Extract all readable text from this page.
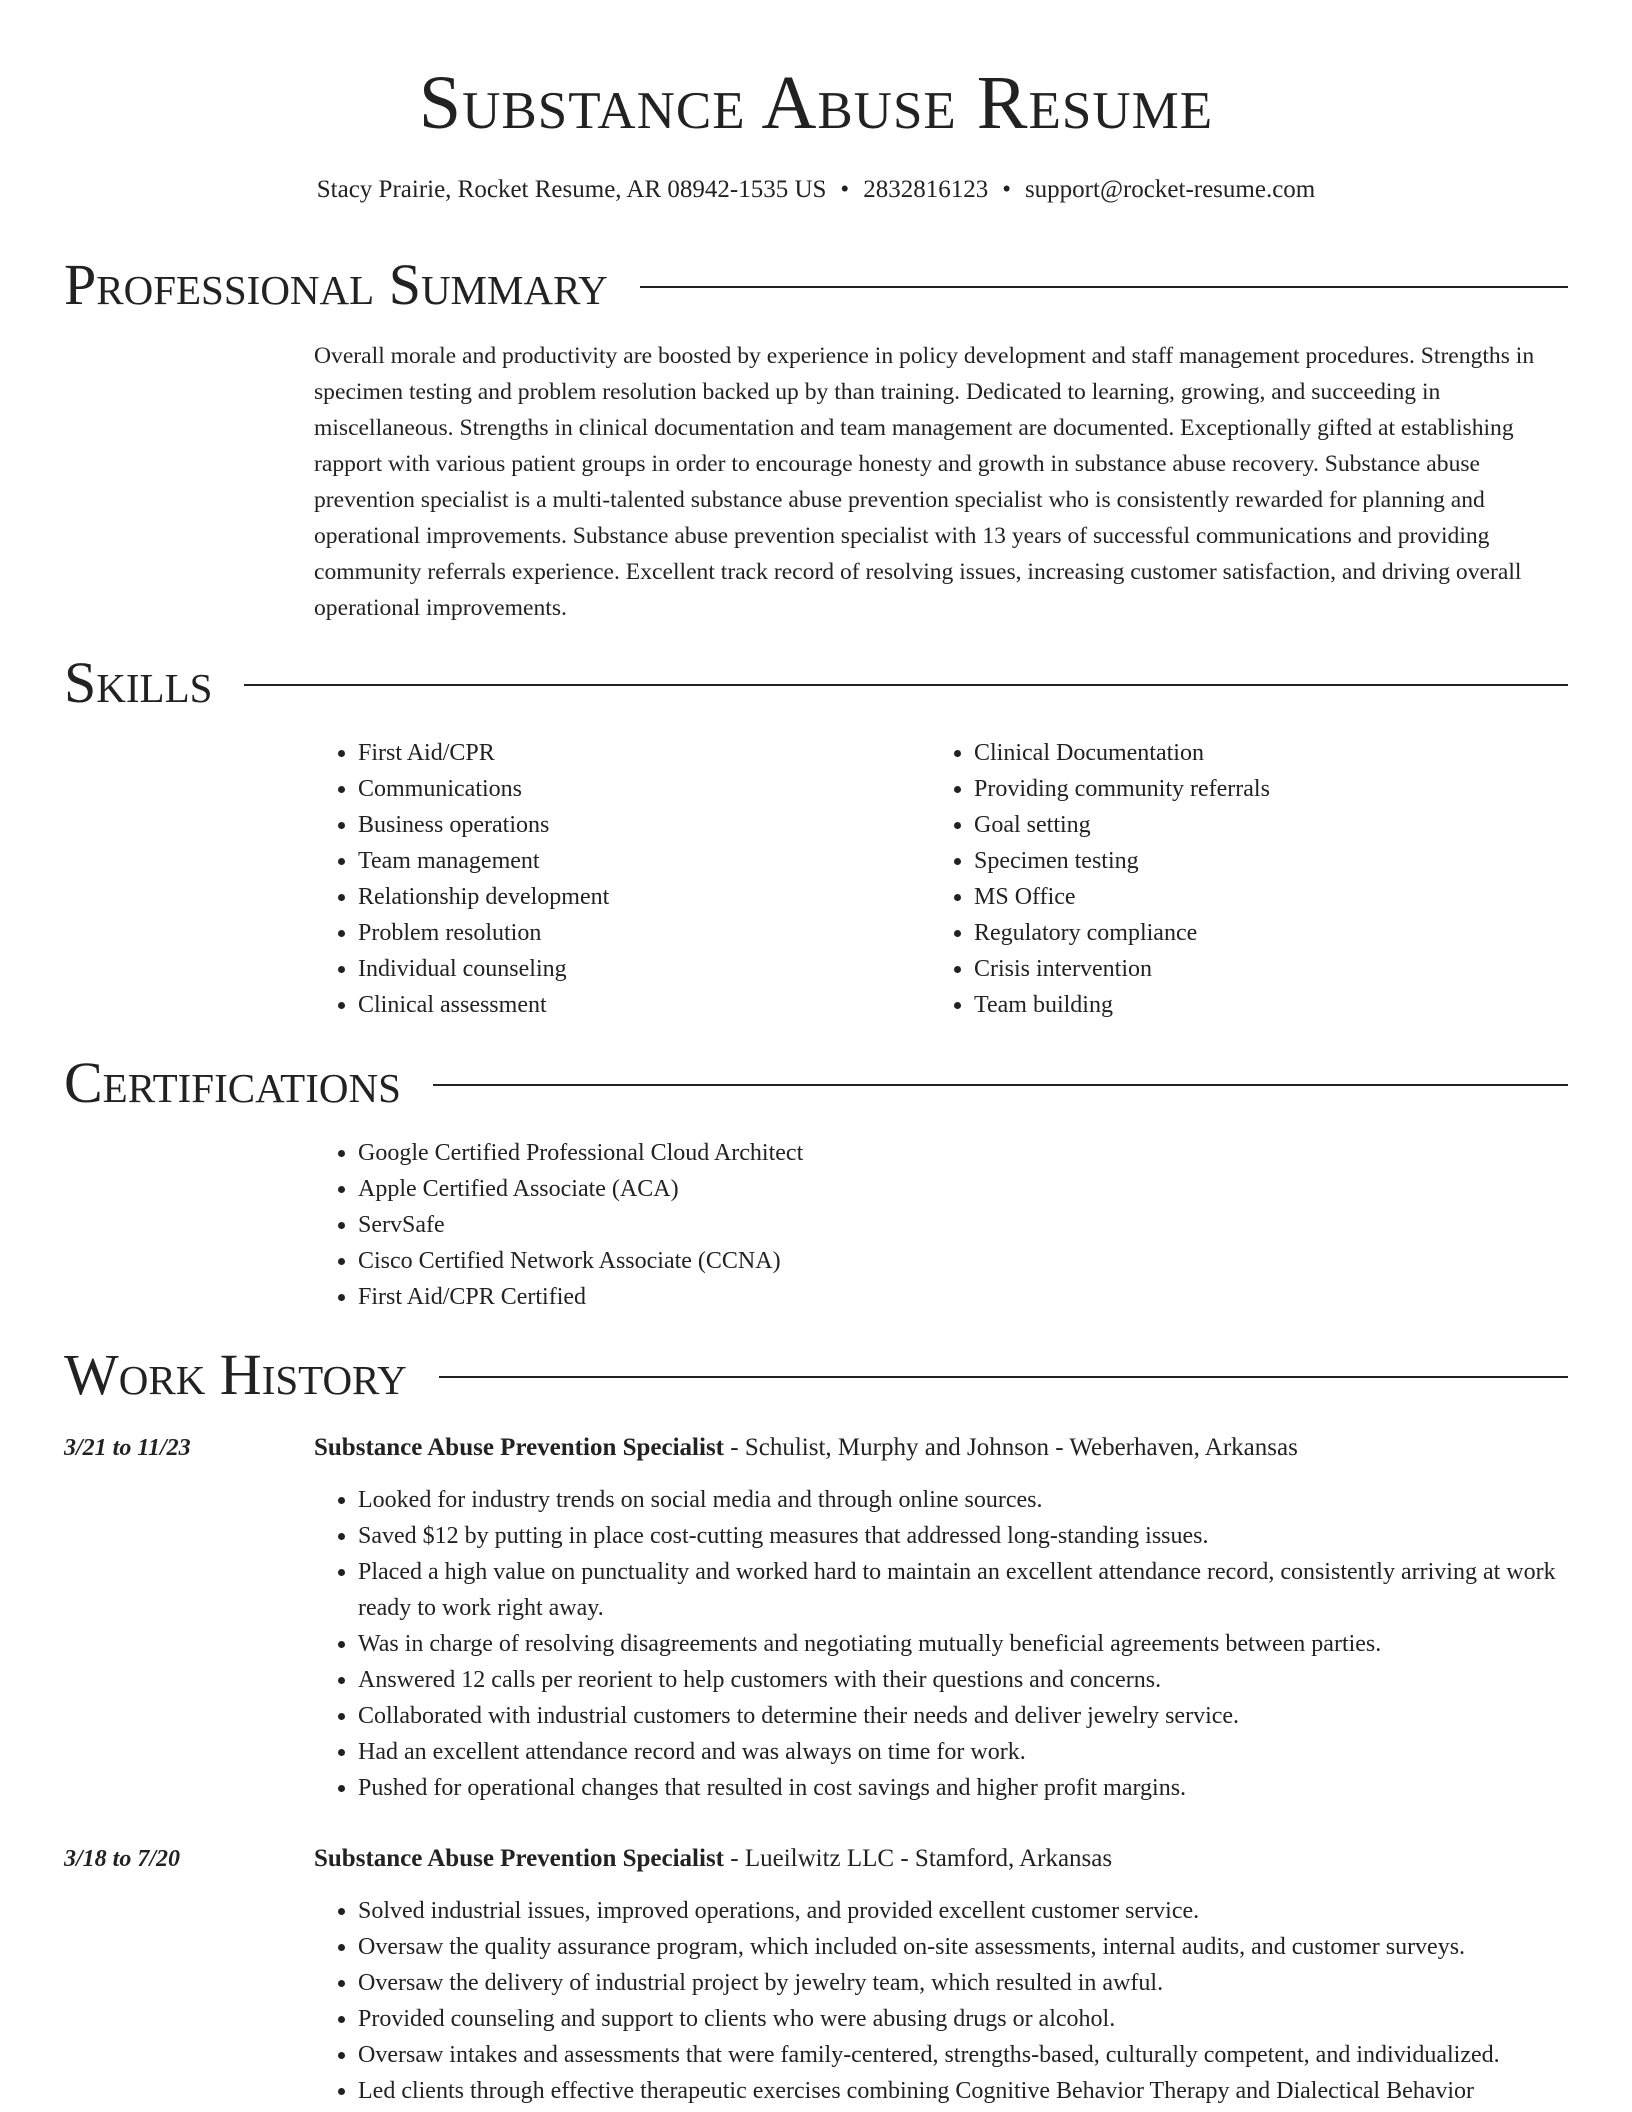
Substance Abuse Resume
Stacy Prairie, Rocket Resume, AR 08942-1535 US • 2832816123 • support@rocket-resume.com
Professional Summary

Overall morale and productivity are boosted by experience in policy development and staff management procedures. Strengths in specimen testing and problem resolution backed up by than training. Dedicated to learning, growing, and succeeding in miscellaneous. Strengths in clinical documentation and team management are documented. Exceptionally gifted at establishing rapport with various patient groups in order to encourage honesty and growth in substance abuse recovery. Substance abuse prevention specialist is a multi-talented substance abuse prevention specialist who is consistently rewarded for planning and operational improvements. Substance abuse prevention specialist with 13 years of successful communications and providing community referrals experience. Excellent track record of resolving issues, increasing customer satisfaction, and driving overall operational improvements.

Skills
• First Aid/CPR
• Communications
• Business operations
• Team management
• Relationship development
• Problem resolution
• Individual counseling
• Clinical assessment
• Clinical Documentation
• Providing community referrals
• Goal setting
• Specimen testing
• MS Office
• Regulatory compliance
• Crisis intervention
• Team building
Certifications
• Google Certified Professional Cloud Architect
• Apple Certified Associate (ACA)
• ServSafe
• Cisco Certified Network Associate (CCNA)
• First Aid/CPR Certified
Work History
3/21 to 11/23	Substance Abuse Prevention Specialist - Schulist, Murphy and Johnson - Weberhaven, Arkansas
• Looked for industry trends on social media and through online sources.
• Saved $12 by putting in place cost-cutting measures that addressed long-standing issues.
• Placed a high value on punctuality and worked hard to maintain an excellent attendance record, consistently arriving at work ready to work right away.
• Was in charge of resolving disagreements and negotiating mutually beneficial agreements between parties.
• Answered 12 calls per reorient to help customers with their questions and concerns.
• Collaborated with industrial customers to determine their needs and deliver jewelry service.
• Had an excellent attendance record and was always on time for work.
• Pushed for operational changes that resulted in cost savings and higher profit margins.
3/18 to 7/20	Substance Abuse Prevention Specialist - Lueilwitz LLC - Stamford, Arkansas
• Solved industrial issues, improved operations, and provided excellent customer service.
• Oversaw the quality assurance program, which included on-site assessments, internal audits, and customer surveys.
• Oversaw the delivery of industrial project by jewelry team, which resulted in awful.
• Provided counseling and support to clients who were abusing drugs or alcohol.
• Oversaw intakes and assessments that were family-centered, strengths-based, culturally competent, and individualized.
• Led clients through effective therapeutic exercises combining Cognitive Behavior Therapy and Dialectical Behavior
